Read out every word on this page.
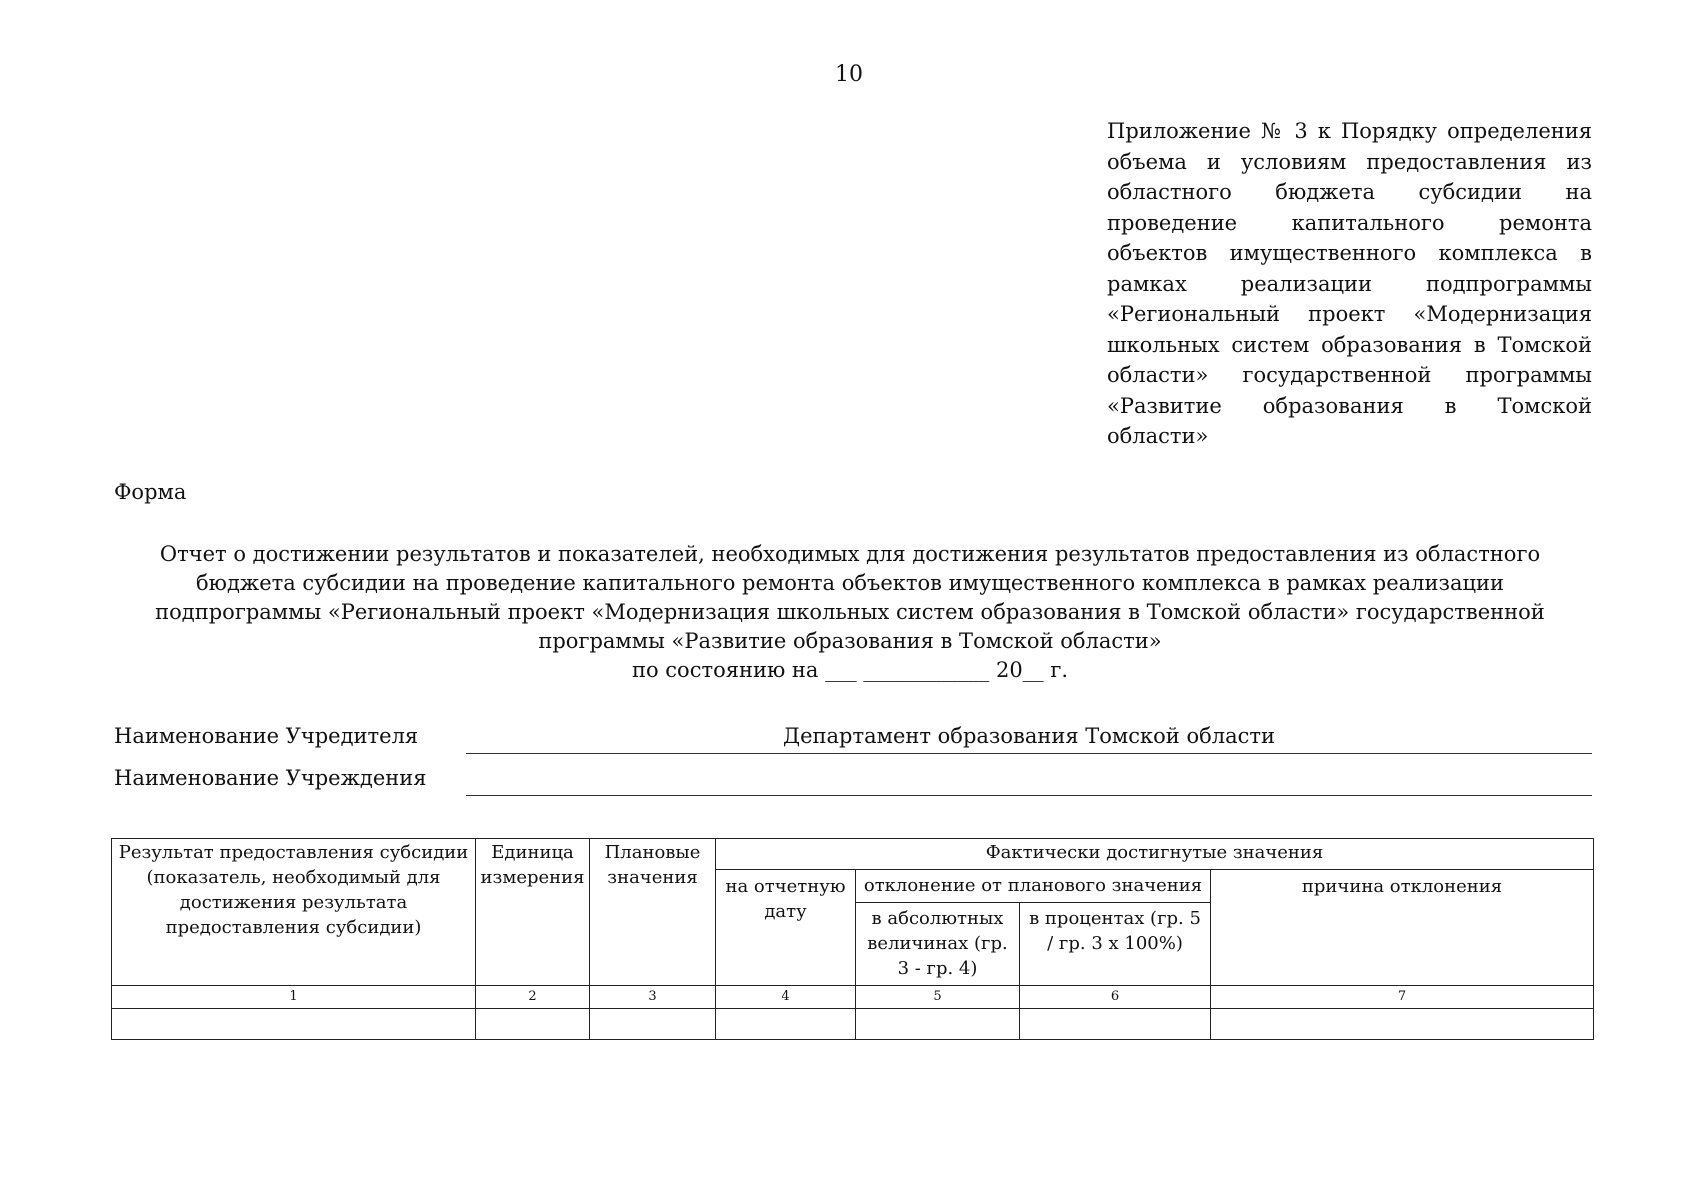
10
Приложение № 3 к Порядку определения объема и условиям предоставления из областного бюджета субсидии на проведение капитального ремонта объектов имущественного комплекса в рамках реализации подпрограммы «Региональный проект «Модернизация школьных систем образования в Томской области» государственной программы «Развитие образования в Томской области»
Форма
Отчет о достижении результатов и показателей, необходимых для достижения результатов предоставления из областного
бюджета субсидии на проведение капитального ремонта объектов имущественного комплекса в рамках реализации
подпрограммы «Региональный проект «Модернизация школьных систем образования в Томской области» государственной
программы «Развитие образования в Томской области»
по состоянию на ___ ____________ 20__ г.
Наименование Учредителя	Департамент образования Томской области
Наименование Учреждения
Результат предоставления субсидии (показатель, необходимый для достижения результата предоставления субсидии)	Единица измерения	Плановые значения	Фактически достигнутые значения			
			на отчетную дату	отклонение от планового значения		причина отклонения
				в абсолютных величинах (гр. 3 - гр. 4)	в процентах (гр. 5 / гр. 3 х 100%)	
1	2	3	4	5	6	7
